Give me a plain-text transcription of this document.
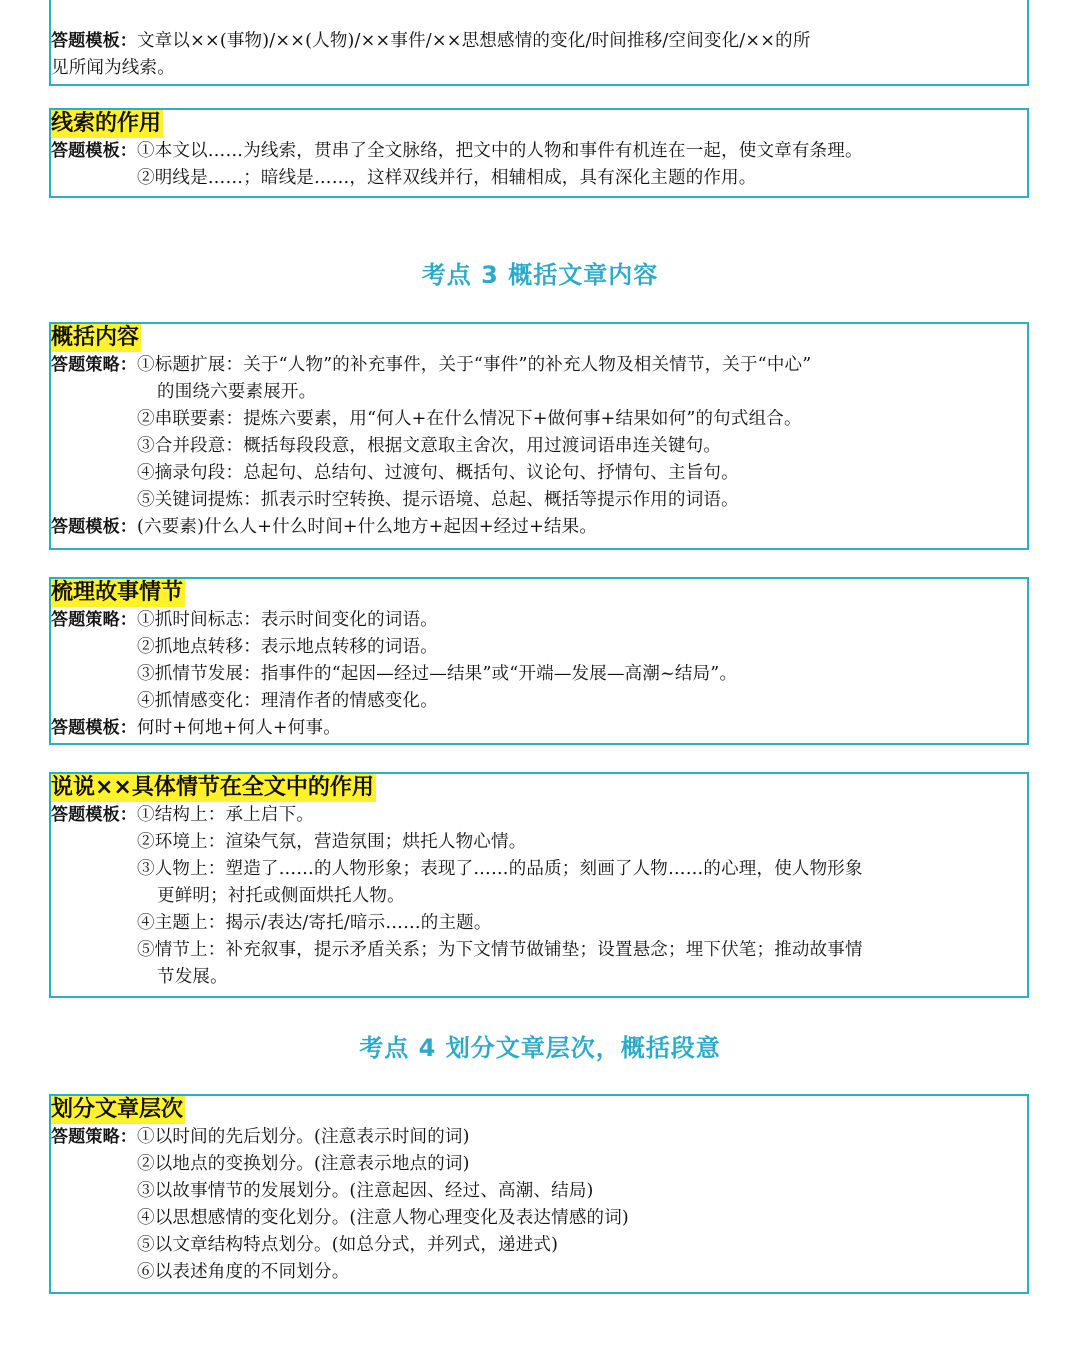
答题模板： 文章以××(事物)/××(人物)/××事件/××思想感情的变化/时间推移/空间变化/××的所
见所闻为线索。
线索的作用
答题模板： ①本文以……为线索，贯串了全文脉络，把文中的人物和事件有机连在一起，使文章有条理。
②明线是……；暗线是……，这样双线并行，相辅相成，具有深化主题的作用。
考点 3 概括文章内容
概括内容
答题策略： ①标题扩展：关于“人物”的补充事件，关于“事件”的补充人物及相关情节，关于“中心”
的围绕六要素展开。
②串联要素：提炼六要素，用“何人+在什么情况下+做何事+结果如何”的句式组合。
③合并段意：概括每段段意，根据文意取主舍次，用过渡词语串连关键句。
④摘录句段：总起句、总结句、过渡句、概括句、议论句、抒情句、主旨句。
⑤关键词提炼：抓表示时空转换、提示语境、总起、概括等提示作用的词语。
答题模板： (六要素)什么人+什么时间+什么地方+起因+经过+结果。
梳理故事情节
答题策略： ①抓时间标志：表示时间变化的词语。
②抓地点转移：表示地点转移的词语。
③抓情节发展：指事件的“起因—经过—结果”或“开端—发展—高潮~结局”。
④抓情感变化：理清作者的情感变化。
答题模板： 何时+何地+何人+何事。
说说××具体情节在全文中的作用
答题模板： ①结构上：承上启下。
②环境上：渲染气氛，营造氛围；烘托人物心情。
③人物上：塑造了……的人物形象；表现了……的品质；刻画了人物……的心理，使人物形象
更鲜明；衬托或侧面烘托人物。
④主题上：揭示/表达/寄托/暗示……的主题。
⑤情节上：补充叙事，提示矛盾关系；为下文情节做铺垫；设置悬念；埋下伏笔；推动故事情
节发展。
考点 4 划分文章层次，概括段意
划分文章层次
答题策略： ①以时间的先后划分。(注意表示时间的词)
②以地点的变换划分。(注意表示地点的词)
③以故事情节的发展划分。(注意起因、经过、高潮、结局)
④以思想感情的变化划分。(注意人物心理变化及表达情感的词)
⑤以文章结构特点划分。(如总分式，并列式，递进式)
⑥以表述角度的不同划分。
